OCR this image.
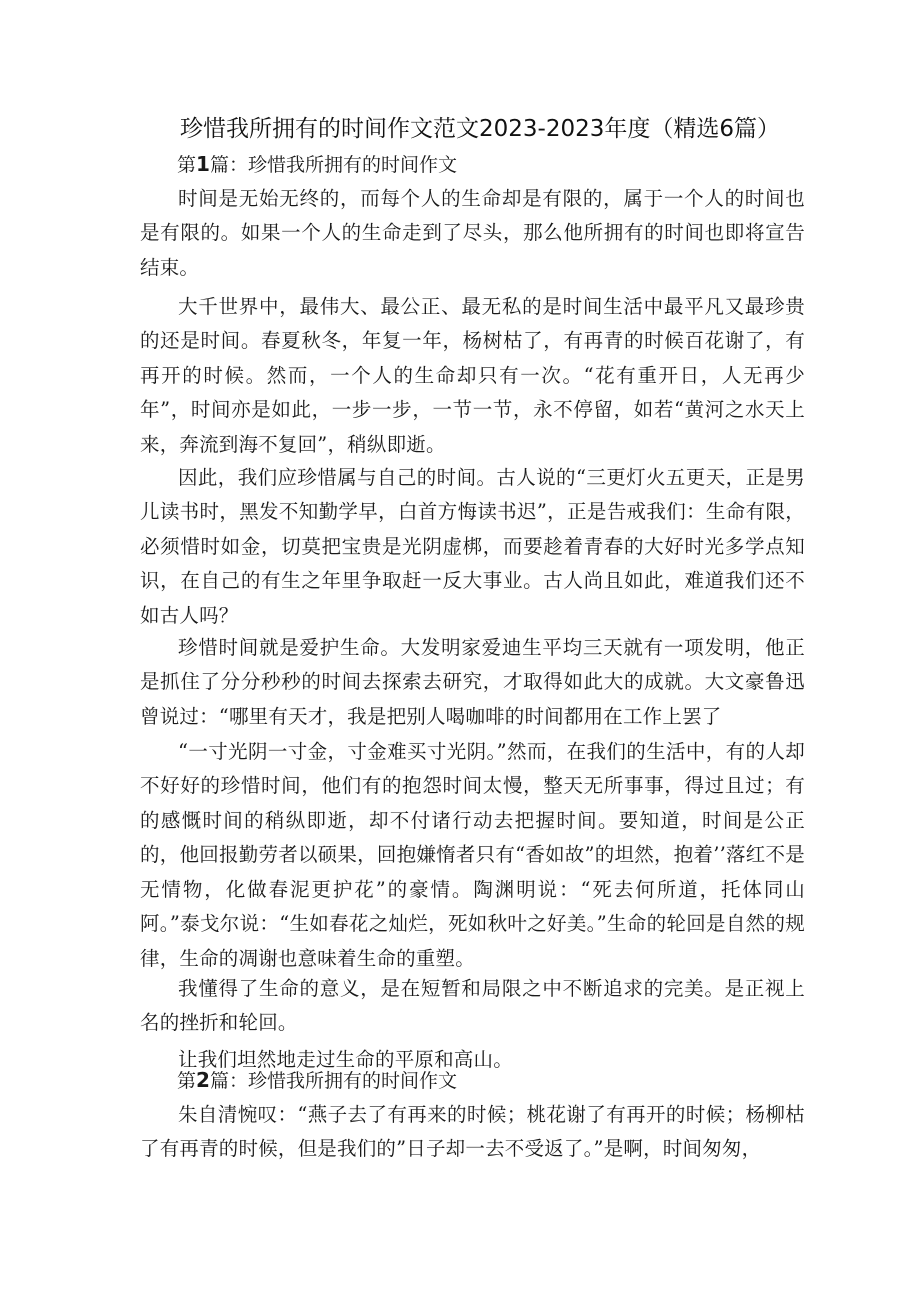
珍惜我所拥有的时间作文范文2023-2023年度（精选6篇）
第1篇：珍惜我所拥有的时间作文

时间是无始无终的，而每个人的生命却是有限的，属于一个人的时间也是有限的。如果一个人的生命走到了尽头，那么他所拥有的时间也即将宣告结束。

大千世界中，最伟大、最公正、最无私的是时间生活中最平凡又最珍贵的还是时间。春夏秋冬，年复一年，杨树枯了，有再青的时候百花谢了，有再开的时候。然而，一个人的生命却只有一次。“花有重开日，人无再少年”，时间亦是如此，一步一步，一节一节，永不停留，如若“黄河之水天上来，奔流到海不复回”，稍纵即逝。

因此，我们应珍惜属与自己的时间。古人说的“三更灯火五更天，正是男儿读书时，黑发不知勤学早，白首方悔读书迟”，正是告戒我们：生命有限，必须惜时如金，切莫把宝贵是光阴虚梆，而要趁着青春的大好时光多学点知识，在自己的有生之年里争取赶一反大事业。古人尚且如此，难道我们还不如古人吗？

珍惜时间就是爱护生命。大发明家爱迪生平均三天就有一项发明，他正是抓住了分分秒秒的时间去探索去研究，才取得如此大的成就。大文豪鲁迅曾说过：“哪里有天才，我是把别人喝咖啡的时间都用在工作上罢了

“一寸光阴一寸金，寸金难买寸光阴。”然而，在我们的生活中，有的人却不好好的珍惜时间，他们有的抱怨时间太慢，整天无所事事，得过且过；有的感慨时间的稍纵即逝，却不付诸行动去把握时间。要知道，时间是公正的，他回报勤劳者以硕果，回抱嫌惰者只有“香如故”的坦然，抱着’’落红不是无情物，化做春泥更护花”的豪情。陶渊明说：“死去何所道，托体同山阿。”泰戈尔说：“生如春花之灿烂，死如秋叶之好美。”生命的轮回是自然的规律，生命的凋谢也意味着生命的重塑。

我懂得了生命的意义，是在短暂和局限之中不断追求的完美。是正视上名的挫折和轮回。

让我们坦然地走过生命的平原和高山。

第2篇：珍惜我所拥有的时间作文

朱自清惋叹：“燕子去了有再来的时候；桃花谢了有再开的时候；杨柳枯了有再青的时候，但是我们的”日子却一去不受返了。”是啊，时间匆匆，
